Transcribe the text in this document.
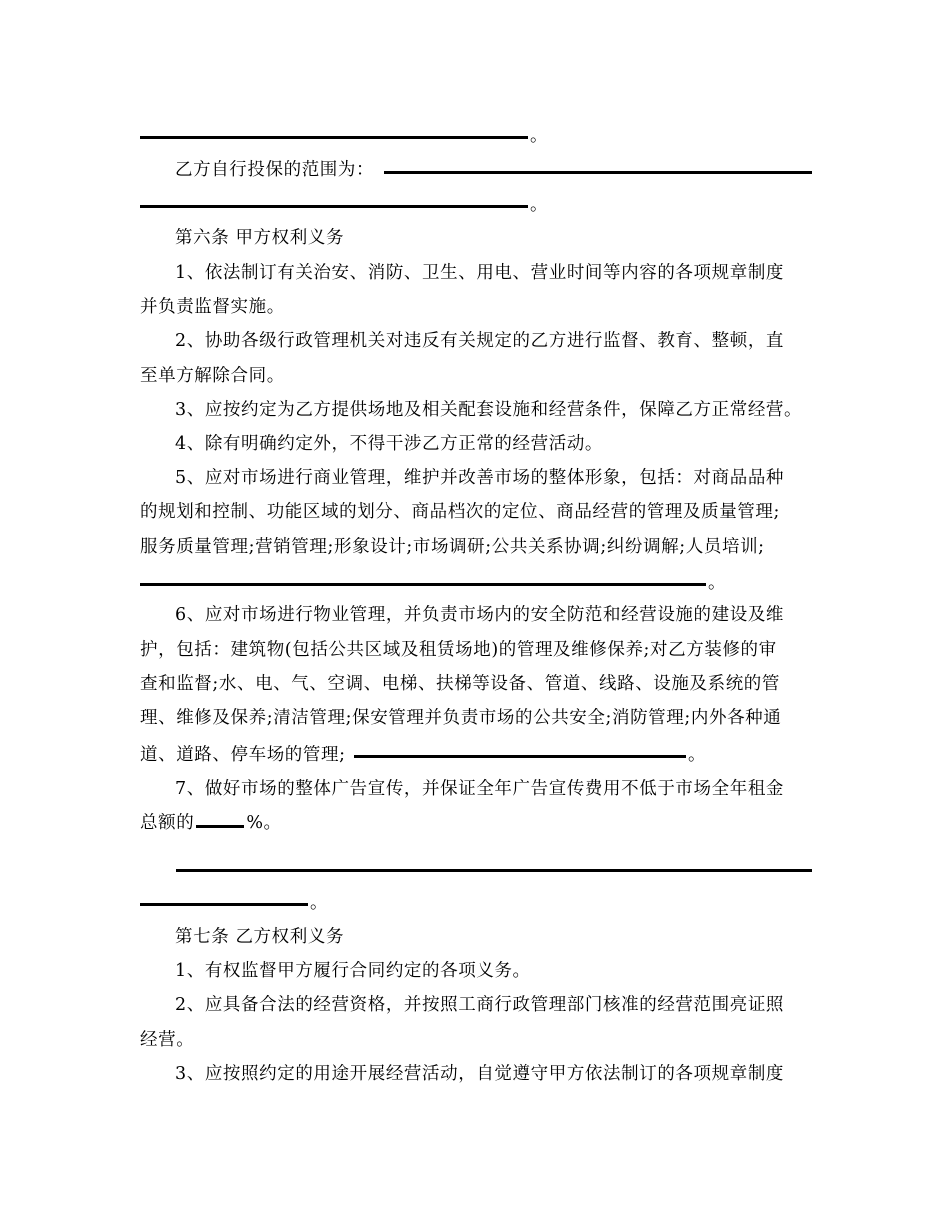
。
乙方自行投保的范围为：
。
第六条 甲方权利义务
1、依法制订有关治安、消防、卫生、用电、营业时间等内容的各项规章制度
并负责监督实施。
2、协助各级行政管理机关对违反有关规定的乙方进行监督、教育、整顿，直
至单方解除合同。
3、应按约定为乙方提供场地及相关配套设施和经营条件，保障乙方正常经营。
4、除有明确约定外，不得干涉乙方正常的经营活动。
5、应对市场进行商业管理，维护并改善市场的整体形象，包括：对商品品种
的规划和控制、功能区域的划分、商品档次的定位、商品经营的管理及质量管理;
服务质量管理;营销管理;形象设计;市场调研;公共关系协调;纠纷调解;人员培训;
。
6、应对市场进行物业管理，并负责市场内的安全防范和经营设施的建设及维
护，包括：建筑物(包括公共区域及租赁场地)的管理及维修保养;对乙方装修的审
查和监督;水、电、气、空调、电梯、扶梯等设备、管道、线路、设施及系统的管
理、维修及保养;清洁管理;保安管理并负责市场的公共安全;消防管理;内外各种通
道、道路、停车场的管理;	。
7、做好市场的整体广告宣传，并保证全年广告宣传费用不低于市场全年租金
总额的	%。
。
第七条 乙方权利义务
1、有权监督甲方履行合同约定的各项义务。
2、应具备合法的经营资格，并按照工商行政管理部门核准的经营范围亮证照
经营。
3、应按照约定的用途开展经营活动，自觉遵守甲方依法制订的各项规章制度
